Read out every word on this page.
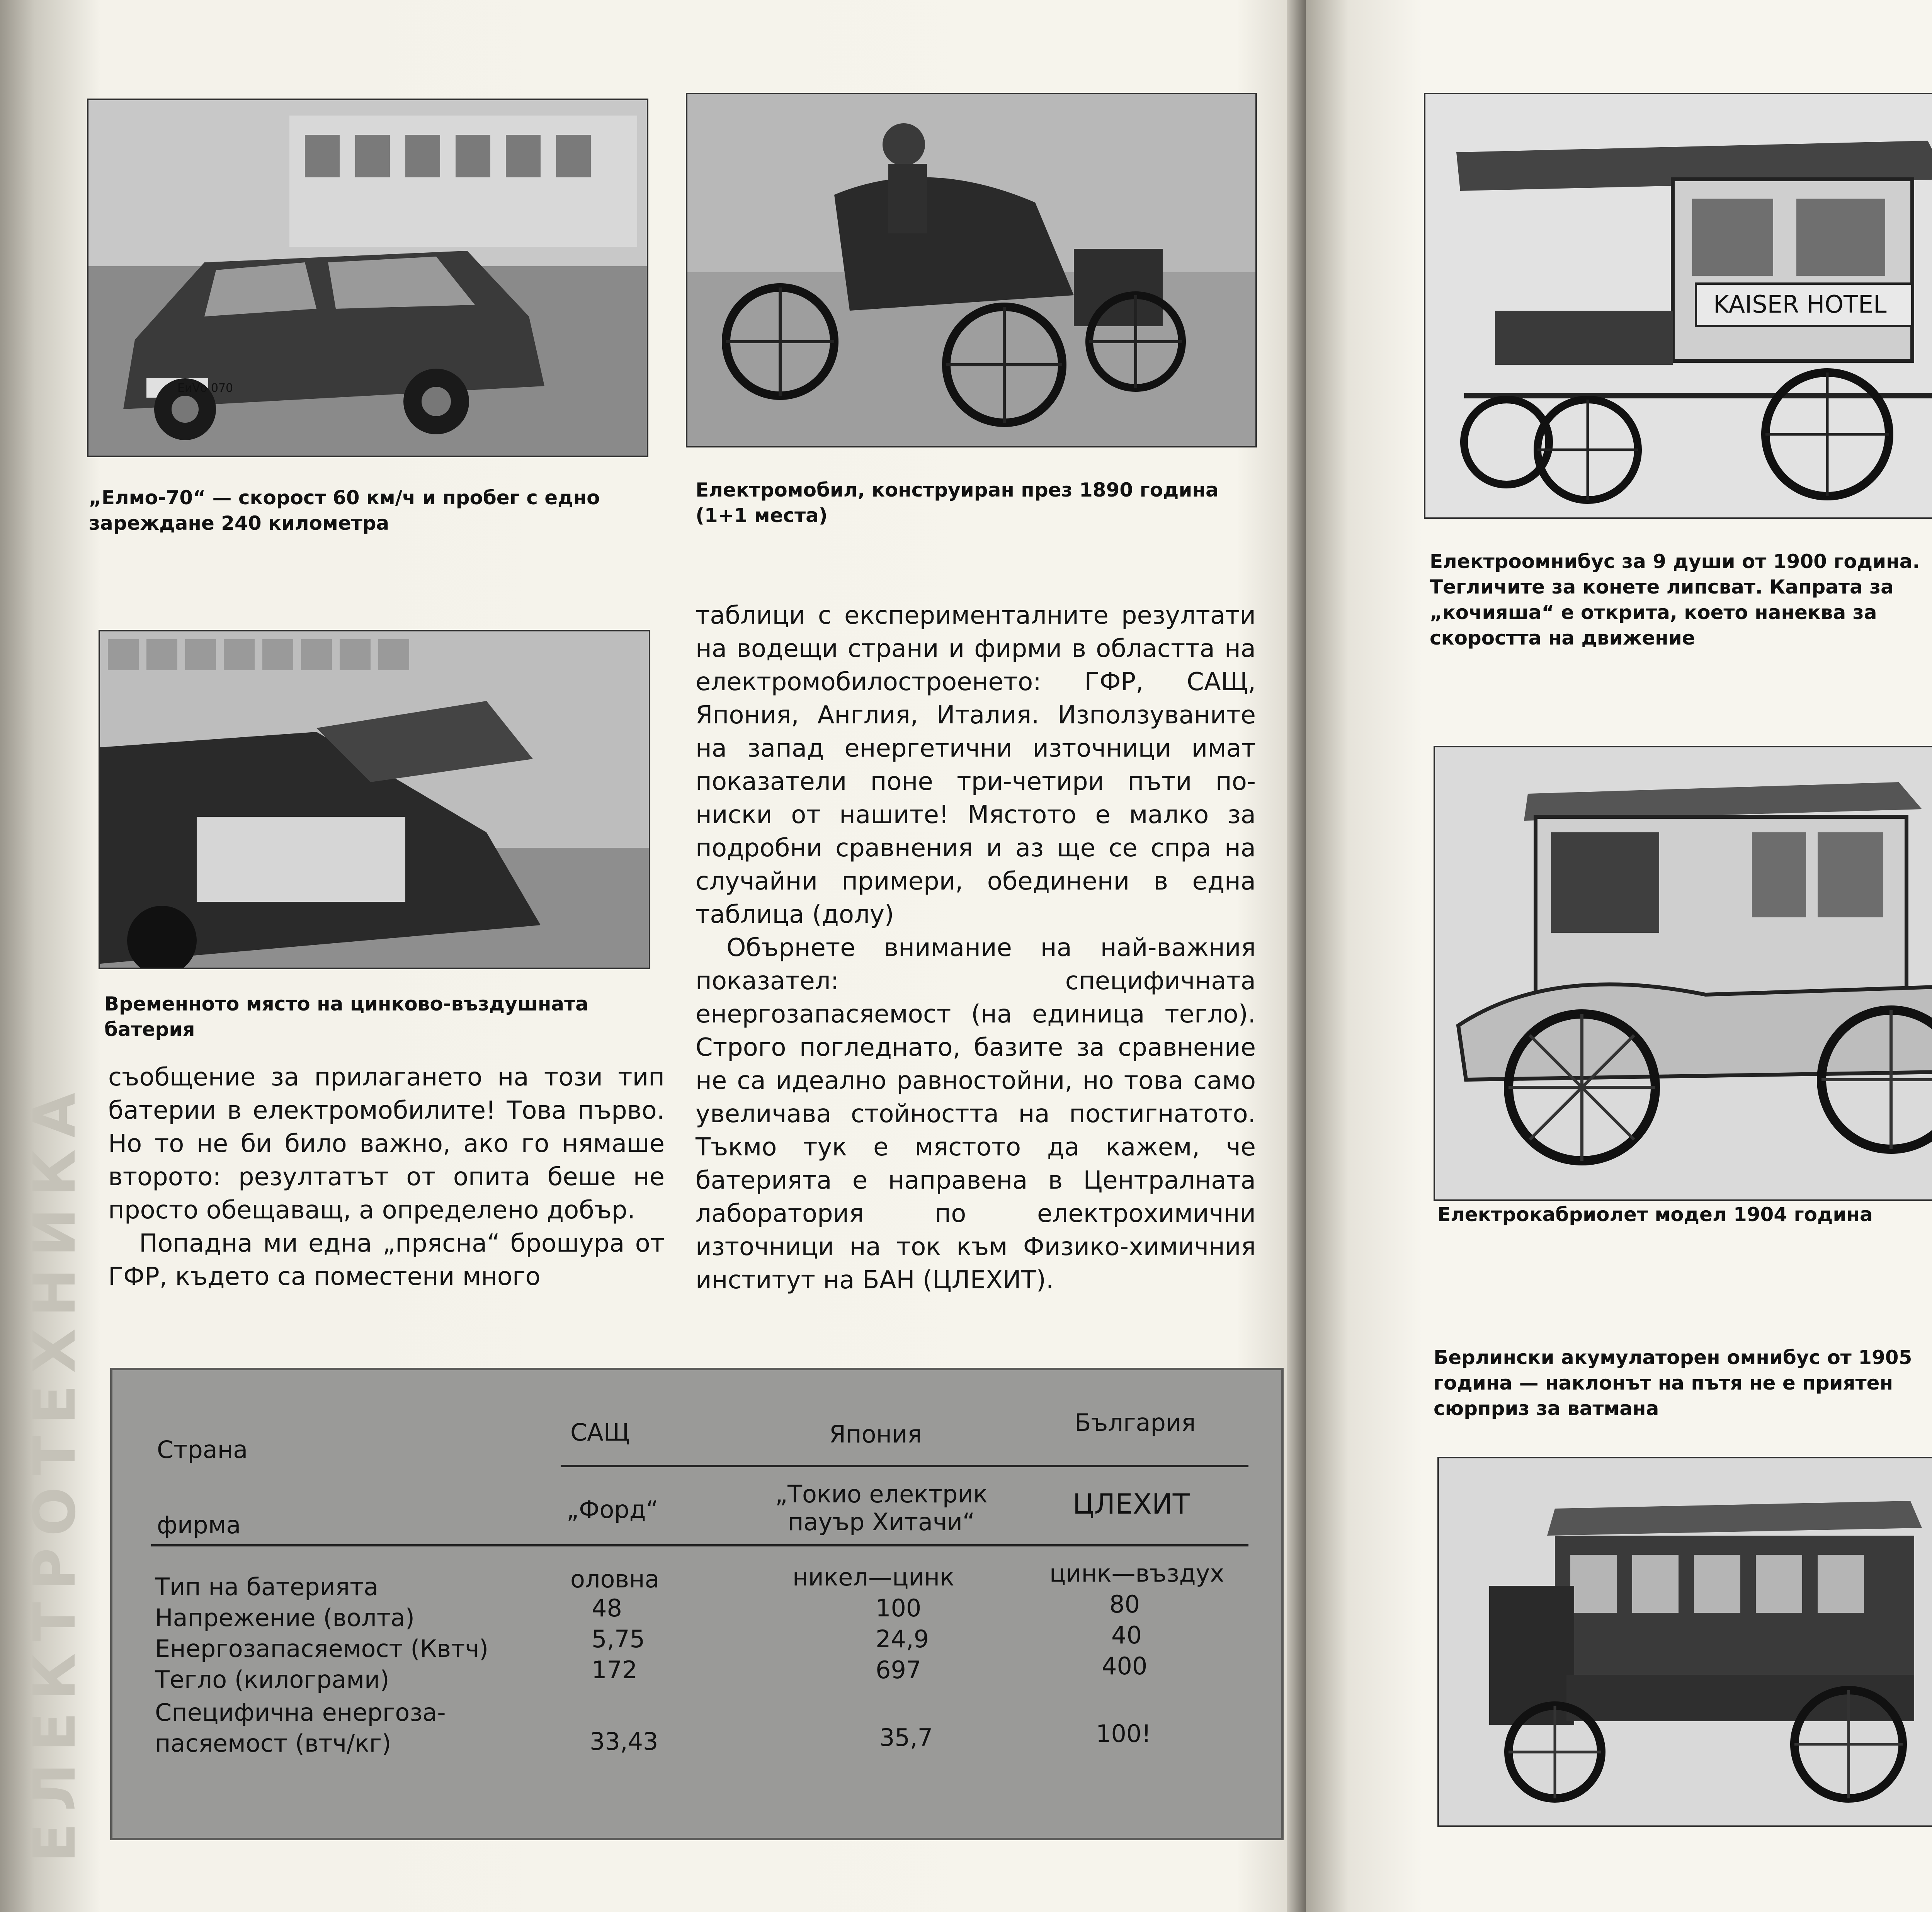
ЕЛЕКТРОТЕХНИКА
EиVо 070
„Елмо-70“ — скорост 60 км/ч и пробег с едно зареждане 240 километра
Електромобил, конструиран през 1890 година (1+1 места)
Временното място на цинково-въздушната батерия

съобщение за прилагането на този тип батерии в електромобилите! Това първо. Но то не би било важно, ако го нямаше второто: резултатът от опита беше не просто обещаващ, а определено добър.

Попадна ми една „прясна“ брошура от ГФР, където са поместени много

таблици с експерименталните резултати на водещи страни и фирми в областта на електромобилостроенето: ГФР, САЩ, Япония, Англия, Италия. Използуваните на запад енергетични източници имат показатели поне три-четири пъти по-ниски от нашите! Мястото е малко за подробни сравнения и аз ще се спра на случайни примери, обединени в една таблица (долу)

Обърнете внимание на най-важния показател: специфичната енергозапасяемост (на единица тегло). Строго погледнато, базите за сравнение не са идеално равностойни, но това само увеличава стойността на постигнатото. Тъкмо тук е мястото да кажем, че батерията е направена в Централната лаборатория по електрохимични източници на ток към Физико-химичния институт на БАН (ЦЛЕХИТ).

Страна
САЩ	Япония	България
фирма
„Форд“
„Токио електрик пауър Хитачи“
ЦЛЕХИТ
Тип на батерията
Напрежение (волта)
Енергозапасяемост (Квтч)
Тегло (килограми)
Специфична енергоза-
пасяемост (втч/кг)
оловна
48
5,75
172
33,43
никел—цинк
100
24,9
697
35,7
цинк—въздух
80
40
400
100!
KAISER HOTEL
Електроомнибус за 9 души от 1900 година. Тегличите за конете липсват. Капрата за „кочияша“ е открита, което нанеква за скоростта на движение
Електрокабриолет модел 1904 година
Берлински акумулаторен омнибус от 1905 година — наклонът на пътя не е приятен сюрприз за ватмана
